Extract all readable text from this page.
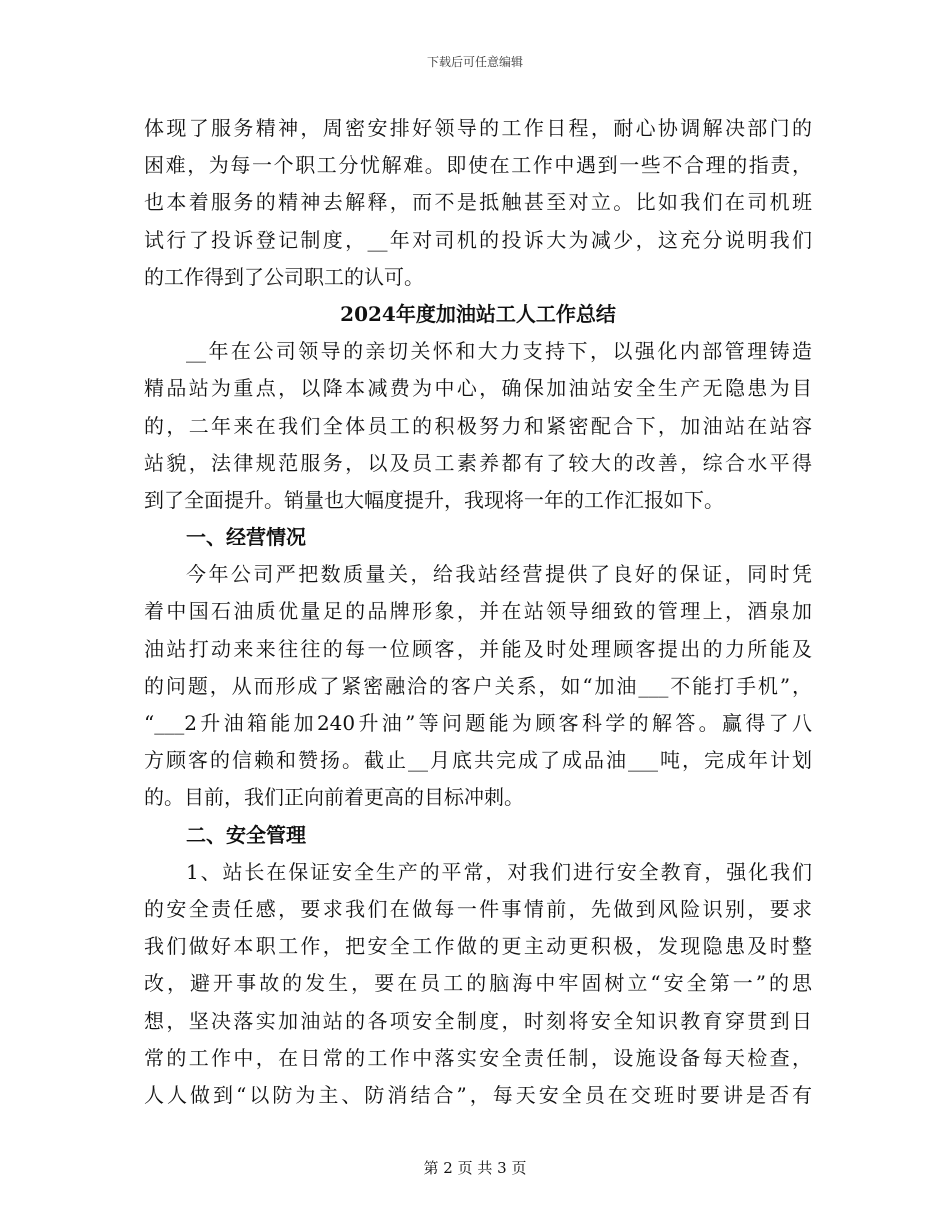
下载后可任意编辑
体现了服务精神，周密安排好领导的工作日程，耐心协调解决部门的
困难，为每一个职工分忧解难。即使在工作中遇到一些不合理的指责，
也本着服务的精神去解释，而不是抵触甚至对立。比如我们在司机班
试行了投诉登记制度，__年对司机的投诉大为减少，这充分说明我们
的工作得到了公司职工的认可。
2024年度加油站工人工作总结
__年在公司领导的亲切关怀和大力支持下，以强化内部管理铸造
精品站为重点，以降本减费为中心，确保加油站安全生产无隐患为目
的，二年来在我们全体员工的积极努力和紧密配合下，加油站在站容
站貌，法律规范服务，以及员工素养都有了较大的改善，综合水平得
到了全面提升。销量也大幅度提升，我现将一年的工作汇报如下。
一、经营情况
今年公司严把数质量关，给我站经营提供了良好的保证，同时凭
着中国石油质优量足的品牌形象，并在站领导细致的管理上，酒泉加
油站打动来来往往的每一位顾客，并能及时处理顾客提出的力所能及
的问题，从而形成了紧密融洽的客户关系，如“加油___不能打手机”，
“___2升油箱能加240升油”等问题能为顾客科学的解答。赢得了八
方顾客的信赖和赞扬。截止__月底共完成了成品油___吨，完成年计划
的。目前，我们正向前着更高的目标冲刺。
二、安全管理
1、站长在保证安全生产的平常，对我们进行安全教育，强化我们
的安全责任感，要求我们在做每一件事情前，先做到风险识别，要求
我们做好本职工作，把安全工作做的更主动更积极，发现隐患及时整
改，避开事故的发生，要在员工的脑海中牢固树立“安全第一”的思
想，坚决落实加油站的各项安全制度，时刻将安全知识教育穿贯到日
常的工作中，在日常的工作中落实安全责任制，设施设备每天检查，
人人做到“以防为主、防消结合”，每天安全员在交班时要讲是否有
第 2 页 共 3 页
